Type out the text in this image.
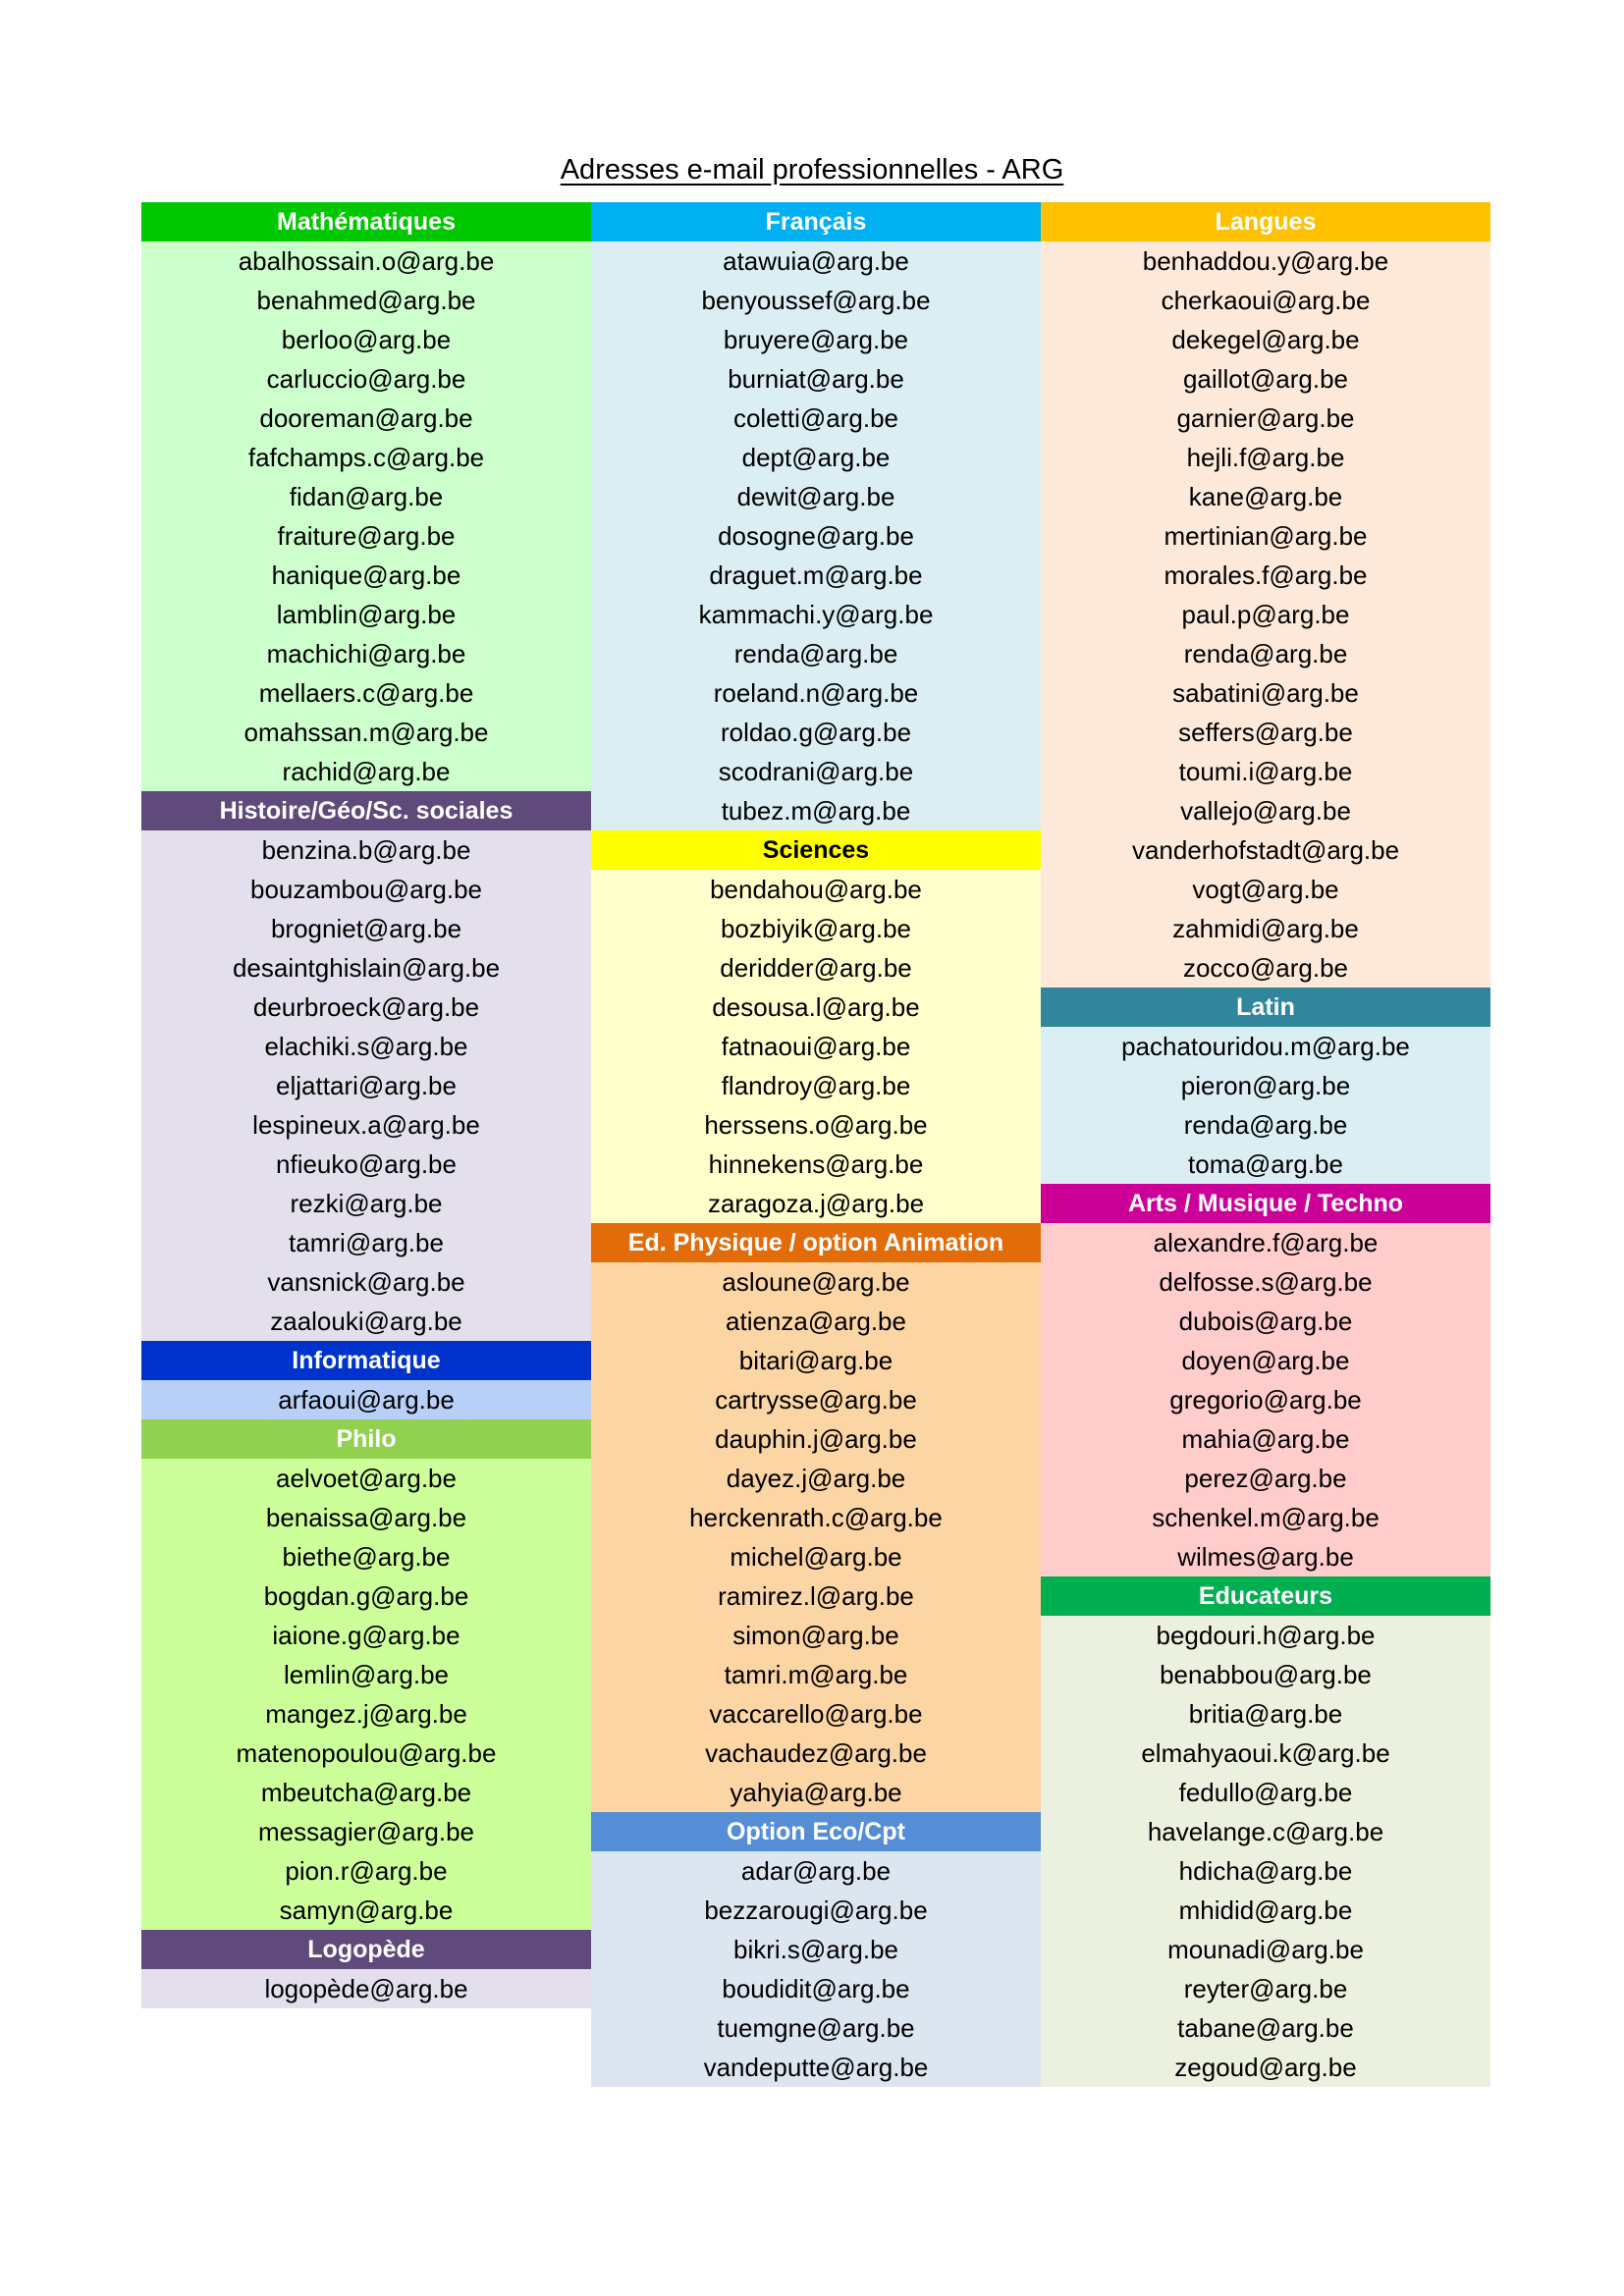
Adresses e-mail professionnelles - ARG
Mathématiques
abalhossain.o@arg.be
benahmed@arg.be
berloo@arg.be
carluccio@arg.be
dooreman@arg.be
fafchamps.c@arg.be
fidan@arg.be
fraiture@arg.be
hanique@arg.be
lamblin@arg.be
machichi@arg.be
mellaers.c@arg.be
omahssan.m@arg.be
rachid@arg.be
Histoire/Géo/Sc. sociales
benzina.b@arg.be
bouzambou@arg.be
brogniet@arg.be
desaintghislain@arg.be
deurbroeck@arg.be
elachiki.s@arg.be
eljattari@arg.be
lespineux.a@arg.be
nfieuko@arg.be
rezki@arg.be
tamri@arg.be
vansnick@arg.be
zaalouki@arg.be
Informatique
arfaoui@arg.be
Philo
aelvoet@arg.be
benaissa@arg.be
biethe@arg.be
bogdan.g@arg.be
iaione.g@arg.be
lemlin@arg.be
mangez.j@arg.be
matenopoulou@arg.be
mbeutcha@arg.be
messagier@arg.be
pion.r@arg.be
samyn@arg.be
Logopède
logopède@arg.be
Français
atawuia@arg.be
benyoussef@arg.be
bruyere@arg.be
burniat@arg.be
coletti@arg.be
dept@arg.be
dewit@arg.be
dosogne@arg.be
draguet.m@arg.be
kammachi.y@arg.be
renda@arg.be
roeland.n@arg.be
roldao.g@arg.be
scodrani@arg.be
tubez.m@arg.be
Sciences
bendahou@arg.be
bozbiyik@arg.be
deridder@arg.be
desousa.l@arg.be
fatnaoui@arg.be
flandroy@arg.be
herssens.o@arg.be
hinnekens@arg.be
zaragoza.j@arg.be
Ed. Physique / option Animation
asloune@arg.be
atienza@arg.be
bitari@arg.be
cartrysse@arg.be
dauphin.j@arg.be
dayez.j@arg.be
herckenrath.c@arg.be
michel@arg.be
ramirez.l@arg.be
simon@arg.be
tamri.m@arg.be
vaccarello@arg.be
vachaudez@arg.be
yahyia@arg.be
Option Eco/Cpt
adar@arg.be
bezzarougi@arg.be
bikri.s@arg.be
boudidit@arg.be
tuemgne@arg.be
vandeputte@arg.be
Langues
benhaddou.y@arg.be
cherkaoui@arg.be
dekegel@arg.be
gaillot@arg.be
garnier@arg.be
hejli.f@arg.be
kane@arg.be
mertinian@arg.be
morales.f@arg.be
paul.p@arg.be
renda@arg.be
sabatini@arg.be
seffers@arg.be
toumi.i@arg.be
vallejo@arg.be
vanderhofstadt@arg.be
vogt@arg.be
zahmidi@arg.be
zocco@arg.be
Latin
pachatouridou.m@arg.be
pieron@arg.be
renda@arg.be
toma@arg.be
Arts / Musique / Techno
alexandre.f@arg.be
delfosse.s@arg.be
dubois@arg.be
doyen@arg.be
gregorio@arg.be
mahia@arg.be
perez@arg.be
schenkel.m@arg.be
wilmes@arg.be
Educateurs
begdouri.h@arg.be
benabbou@arg.be
britia@arg.be
elmahyaoui.k@arg.be
fedullo@arg.be
havelange.c@arg.be
hdicha@arg.be
mhidid@arg.be
mounadi@arg.be
reyter@arg.be
tabane@arg.be
zegoud@arg.be
